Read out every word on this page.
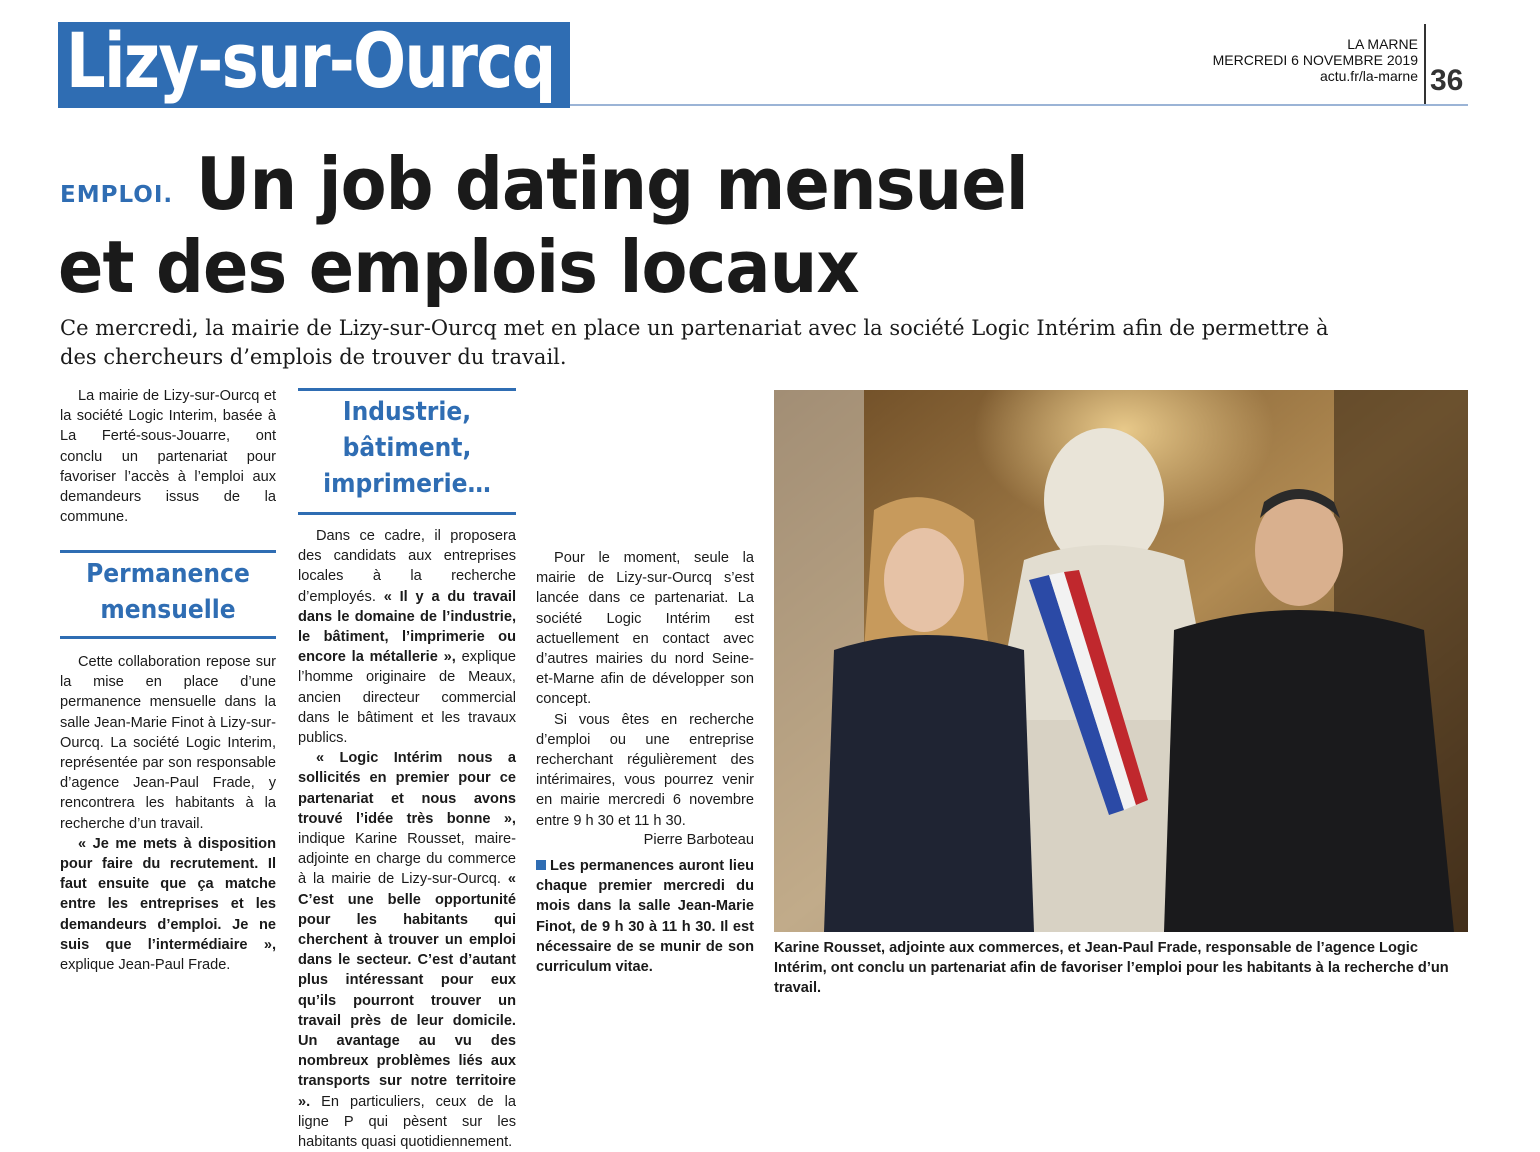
Lizy-sur-Ourcq	LA MARNE
MERCREDI 6 NOVEMBRE 2019
actu.fr/la-marne 36
EMPLOI. Un job dating mensuel
et des emplois locaux
Ce mercredi, la mairie de Lizy-sur-Ourcq met en place un partenariat avec la société Logic Intérim afin de permettre à des chercheurs d’emplois de trouver du travail.

La mairie de Lizy-sur-Ourcq et la société Logic Interim, basée à La Ferté-sous-Jouarre, ont conclu un partenariat pour favoriser l’accès à l’emploi aux demandeurs issus de la commune.

Permanence mensuelle

Cette collaboration repose sur la mise en place d’une permanence mensuelle dans la salle Jean-Marie Finot à Lizy-sur-Ourcq. La société Logic Interim, représentée par son responsable d’agence Jean-Paul Frade, y rencontrera les habitants à la recherche d’un travail.

« Je me mets à disposition pour faire du recrutement. Il faut ensuite que ça matche entre les entreprises et les demandeurs d’emploi. Je ne suis que l’intermédiaire », explique Jean-Paul Frade.

Industrie, bâtiment, imprimerie…

Dans ce cadre, il proposera des candidats aux entreprises locales à la recherche d’employés. « Il y a du travail dans le domaine de l’industrie, le bâtiment, l’imprimerie ou encore la métallerie », explique l’homme originaire de Meaux, ancien directeur commercial dans le bâtiment et les travaux publics.

« Logic Intérim nous a sollicités en premier pour ce partenariat et nous avons trouvé l’idée très bonne », indique Karine Rousset, maire-adjointe en charge du commerce à la mairie de Lizy-sur-Ourcq. « C’est une belle opportunité pour les habitants qui cherchent à trouver un emploi dans le secteur. C’est d’autant plus intéressant pour eux qu’ils pourront trouver un travail près de leur domicile. Un avantage au vu des nombreux problèmes liés aux transports sur notre territoire ». En particuliers, ceux de la ligne P qui pèsent sur les habitants quasi quotidiennement.

Pour le moment, seule la mairie de Lizy-sur-Ourcq s’est lancée dans ce partenariat. La société Logic Intérim est actuellement en contact avec d’autres mairies du nord Seine-et-Marne afin de développer son concept.

Si vous êtes en recherche d’emploi ou une entreprise recherchant régulièrement des intérimaires, vous pourrez venir en mairie mercredi 6 novembre entre 9 h 30 et 11 h 30.

Pierre Barboteau
Les permanences auront lieu chaque premier mercredi du mois dans la salle Jean-Marie Finot, de 9 h 30 à 11 h 30. Il est nécessaire de se munir de son curriculum vitae.
Karine Rousset, adjointe aux commerces, et Jean-Paul Frade, responsable de l’agence Logic Intérim, ont conclu un partenariat afin de favoriser l’emploi pour les habitants à la recherche d’un travail.
